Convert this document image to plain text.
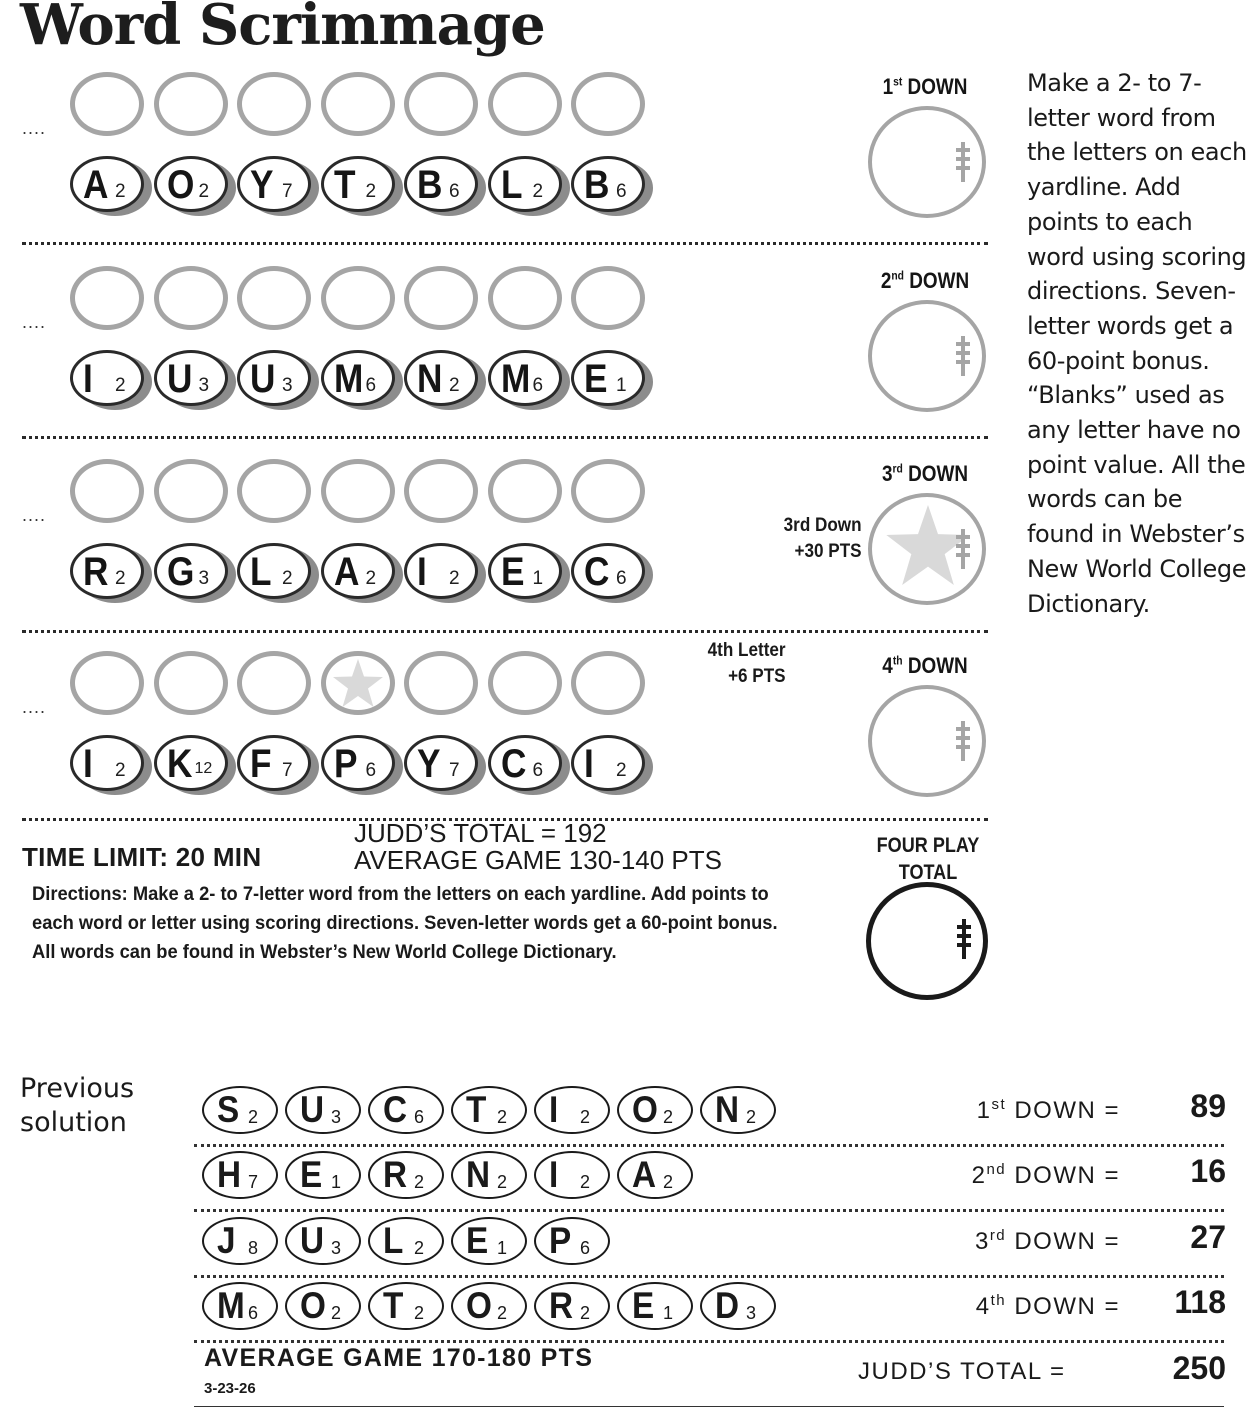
Word Scrimmage
....
A 2 O 2 Y 7 T 2 B 6 L 2 B 6
1st DOWN
....
I 2 U 3 U 3 M 6 N 2 M 6 E 1
2nd DOWN
....
R 2 G 3 L 2 A 2 I 2 E 1 C 6
3rd DOWN
3rd Down
+30 PTS
....
I 2 K 12 F 7 P 6 Y 7 C 6 I 2
4th DOWN
4th Letter
+6 PTS
Make a 2- to 7-letter word from the letters on each yardline. Add points to each word using scoring directions. Seven-letter words get a 60-point bonus. “Blanks” used as any letter have no point value. All the words can be found in Webster’s New World College Dictionary.
TIME LIMIT: 20 MIN
JUDD’S TOTAL = 192
AVERAGE GAME 130-140 PTS
Directions: Make a 2- to 7-letter word from the letters on each yardline. Add points to each word or letter using scoring directions. Seven-letter words get a 60-point bonus. All words can be found in Webster’s New World College Dictionary.
FOUR PLAY
TOTAL
Previous
solution S 2 U 3 C 6 T 2 I 2 O 2 N 2	1st DOWN =	89
H 7 E 1 R 2 N 2 I 2 A 2	2nd DOWN =	16
J 8 U 3 L 2 E 1 P 6	3rd DOWN =	27
M 6 O 2 T 2 O 2 R 2 E 1 D 3	4th DOWN =	118
AVERAGE GAME 170-180 PTS
3-23-26
JUDD’S TOTAL =	250
